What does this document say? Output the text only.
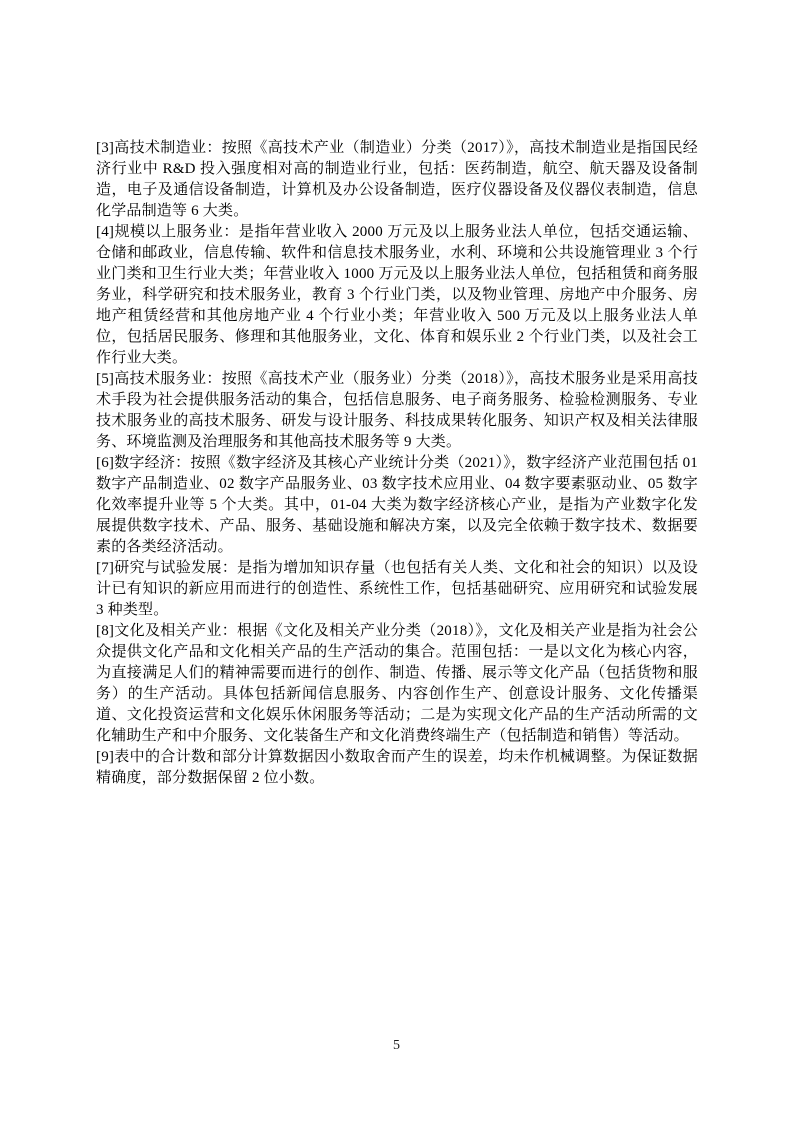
[3]高技术制造业：按照《高技术产业（制造业）分类（2017）》，高技术制造业是指国民经济行业中 R&D 投入强度相对高的制造业行业，包括：医药制造，航空、航天器及设备制造，电子及通信设备制造，计算机及办公设备制造，医疗仪器设备及仪器仪表制造，信息化学品制造等 6 大类。

[4]规模以上服务业：是指年营业收入 2000 万元及以上服务业法人单位，包括交通运输、仓储和邮政业，信息传输、软件和信息技术服务业，水利、环境和公共设施管理业 3 个行业门类和卫生行业大类；年营业收入 1000 万元及以上服务业法人单位，包括租赁和商务服务业，科学研究和技术服务业，教育 3 个行业门类，以及物业管理、房地产中介服务、房地产租赁经营和其他房地产业 4 个行业小类；年营业收入 500 万元及以上服务业法人单位，包括居民服务、修理和其他服务业，文化、体育和娱乐业 2 个行业门类，以及社会工作行业大类。

[5]高技术服务业：按照《高技术产业（服务业）分类（2018）》，高技术服务业是采用高技术手段为社会提供服务活动的集合，包括信息服务、电子商务服务、检验检测服务、专业技术服务业的高技术服务、研发与设计服务、科技成果转化服务、知识产权及相关法律服务、环境监测及治理服务和其他高技术服务等 9 大类。

[6]数字经济：按照《数字经济及其核心产业统计分类（2021）》，数字经济产业范围包括 01 数字产品制造业、02 数字产品服务业、03 数字技术应用业、04 数字要素驱动业、05 数字化效率提升业等 5 个大类。其中，01-04 大类为数字经济核心产业，是指为产业数字化发展提供数字技术、产品、服务、基础设施和解决方案，以及完全依赖于数字技术、数据要素的各类经济活动。

[7]研究与试验发展：是指为增加知识存量（也包括有关人类、文化和社会的知识）以及设计已有知识的新应用而进行的创造性、系统性工作，包括基础研究、应用研究和试验发展 3 种类型。

[8]文化及相关产业：根据《文化及相关产业分类（2018）》，文化及相关产业是指为社会公众提供文化产品和文化相关产品的生产活动的集合。范围包括：一是以文化为核心内容，为直接满足人们的精神需要而进行的创作、制造、传播、展示等文化产品（包括货物和服务）的生产活动。具体包括新闻信息服务、内容创作生产、创意设计服务、文化传播渠道、文化投资运营和文化娱乐休闲服务等活动；二是为实现文化产品的生产活动所需的文化辅助生产和中介服务、文化装备生产和文化消费终端生产（包括制造和销售）等活动。

[9]表中的合计数和部分计算数据因小数取舍而产生的误差，均未作机械调整。为保证数据精确度，部分数据保留 2 位小数。

5
